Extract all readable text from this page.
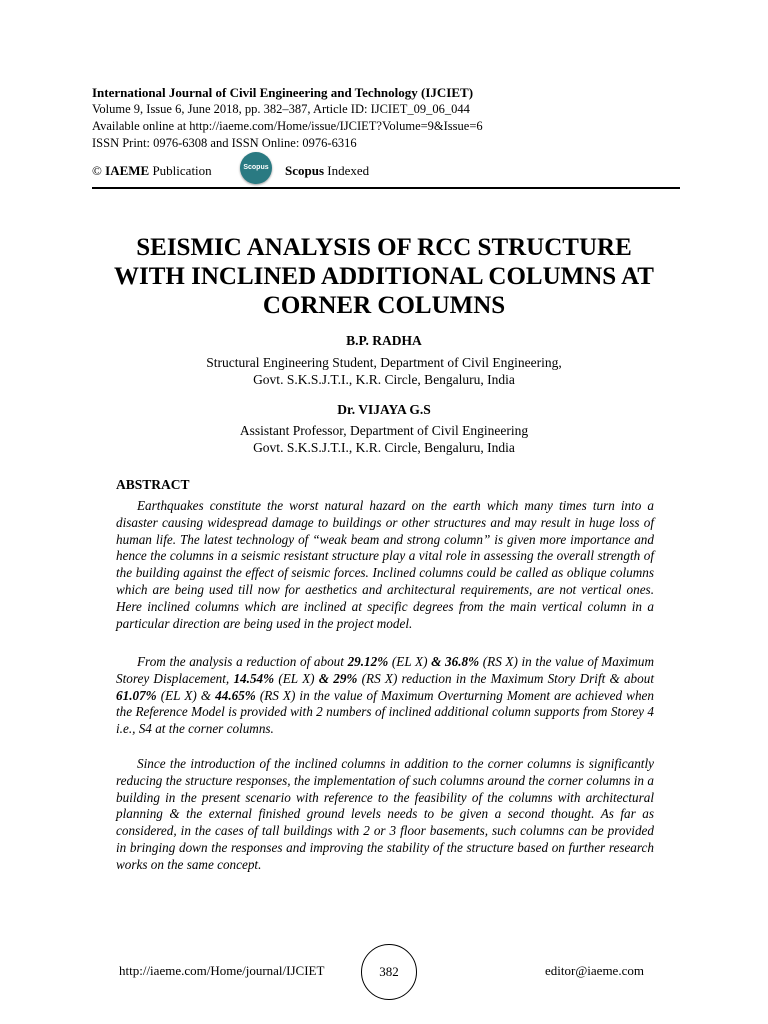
International Journal of Civil Engineering and Technology (IJCIET)
Volume 9, Issue 6, June 2018, pp. 382–387, Article ID: IJCIET_09_06_044
Available online at http://iaeme.com/Home/issue/IJCIET?Volume=9&Issue=6
ISSN Print: 0976-6308 and ISSN Online: 0976-6316
© IAEME Publication	Scopus Scopus Indexed
SEISMIC ANALYSIS OF RCC STRUCTURE
WITH INCLINED ADDITIONAL COLUMNS AT
CORNER COLUMNS
B.P. RADHA
Structural Engineering Student, Department of Civil Engineering,
Govt. S.K.S.J.T.I., K.R. Circle, Bengaluru, India
Dr. VIJAYA G.S
Assistant Professor, Department of Civil Engineering
Govt. S.K.S.J.T.I., K.R. Circle, Bengaluru, India
ABSTRACT

Earthquakes constitute the worst natural hazard on the earth which many times turn into a disaster causing widespread damage to buildings or other structures and may result in huge loss of human life. The latest technology of “weak beam and strong column” is given more importance and hence the columns in a seismic resistant structure play a vital role in assessing the overall strength of the building against the effect of seismic forces. Inclined columns could be called as oblique columns which are being used till now for aesthetics and architectural requirements, are not vertical ones. Here inclined columns which are inclined at specific degrees from the main vertical column in a particular direction are being used in the project model.

From the analysis a reduction of about 29.12% (EL X) & 36.8% (RS X) in the value of Maximum Storey Displacement, 14.54% (EL X) & 29% (RS X) reduction in the Maximum Story Drift & about 61.07% (EL X) & 44.65% (RS X) in the value of Maximum Overturning Moment are achieved when the Reference Model is provided with 2 numbers of inclined additional column supports from Storey 4 i.e., S4 at the corner columns.

Since the introduction of the inclined columns in addition to the corner columns is significantly reducing the structure responses, the implementation of such columns around the corner columns in a building in the present scenario with reference to the feasibility of the columns with architectural planning & the external finished ground levels needs to be given a second thought. As far as considered, in the cases of tall buildings with 2 or 3 floor basements, such columns can be provided in bringing down the responses and improving the stability of the structure based on further research works on the same concept.

http://iaeme.com/Home/journal/IJCIET	382	editor@iaeme.com
